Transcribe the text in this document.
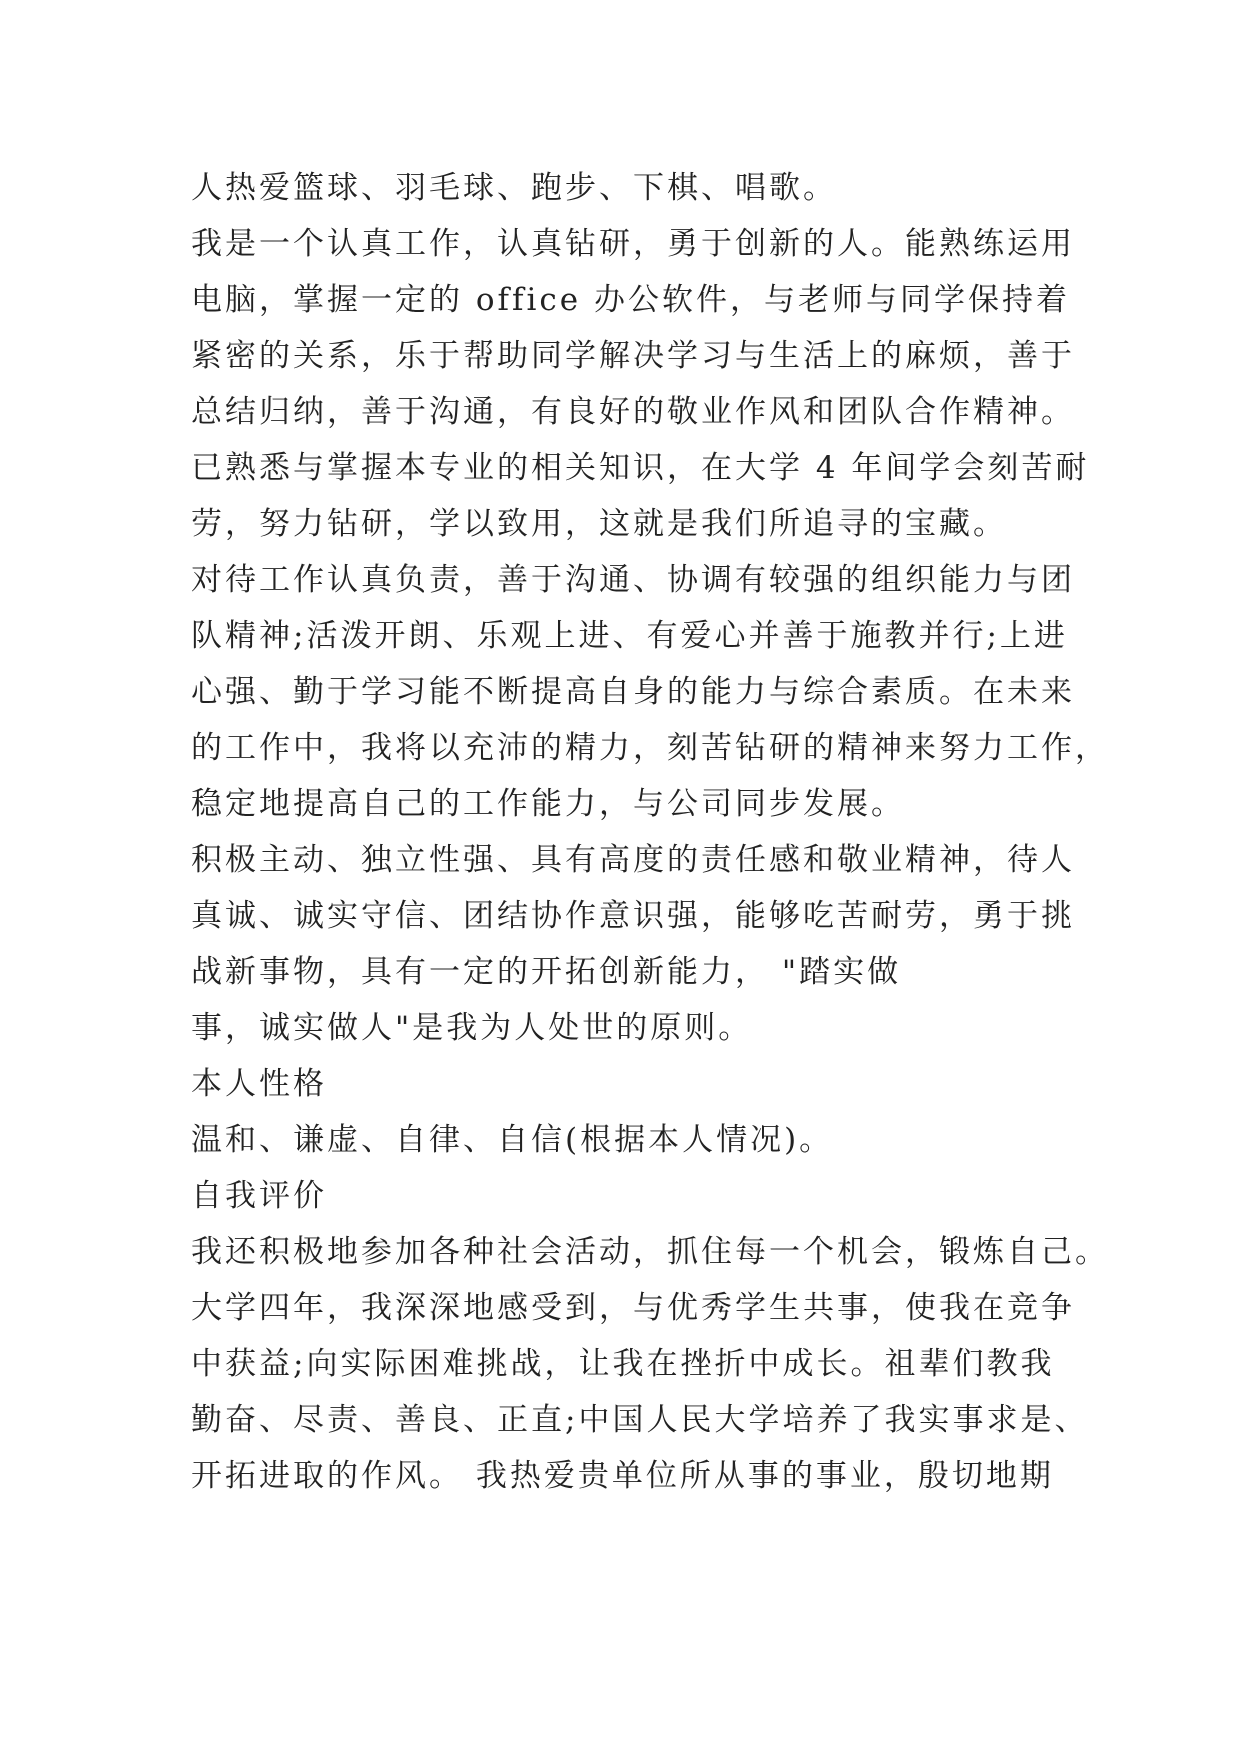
人热爱篮球、羽毛球、跑步、下棋、唱歌。
我是一个认真工作，认真钻研，勇于创新的人。能熟练运用
电脑，掌握一定的 office 办公软件，与老师与同学保持着
紧密的关系，乐于帮助同学解决学习与生活上的麻烦，善于
总结归纳，善于沟通，有良好的敬业作风和团队合作精神。
已熟悉与掌握本专业的相关知识，在大学 4 年间学会刻苦耐
劳，努力钻研，学以致用，这就是我们所追寻的宝藏。
对待工作认真负责，善于沟通、协调有较强的组织能力与团
队精神;活泼开朗、乐观上进、有爱心并善于施教并行;上进
心强、勤于学习能不断提高自身的能力与综合素质。在未来
的工作中，我将以充沛的精力，刻苦钻研的精神来努力工作，
稳定地提高自己的工作能力，与公司同步发展。
积极主动、独立性强、具有高度的责任感和敬业精神，待人
真诚、诚实守信、团结协作意识强，能够吃苦耐劳，勇于挑
战新事物，具有一定的开拓创新能力， "踏实做
事，诚实做人"是我为人处世的原则。
本人性格
温和、谦虚、自律、自信(根据本人情况)。
自我评价
我还积极地参加各种社会活动，抓住每一个机会，锻炼自己。
大学四年，我深深地感受到，与优秀学生共事，使我在竞争
中获益;向实际困难挑战，让我在挫折中成长。祖辈们教我
勤奋、尽责、善良、正直;中国人民大学培养了我实事求是、
开拓进取的作风。 我热爱贵单位所从事的事业，殷切地期
